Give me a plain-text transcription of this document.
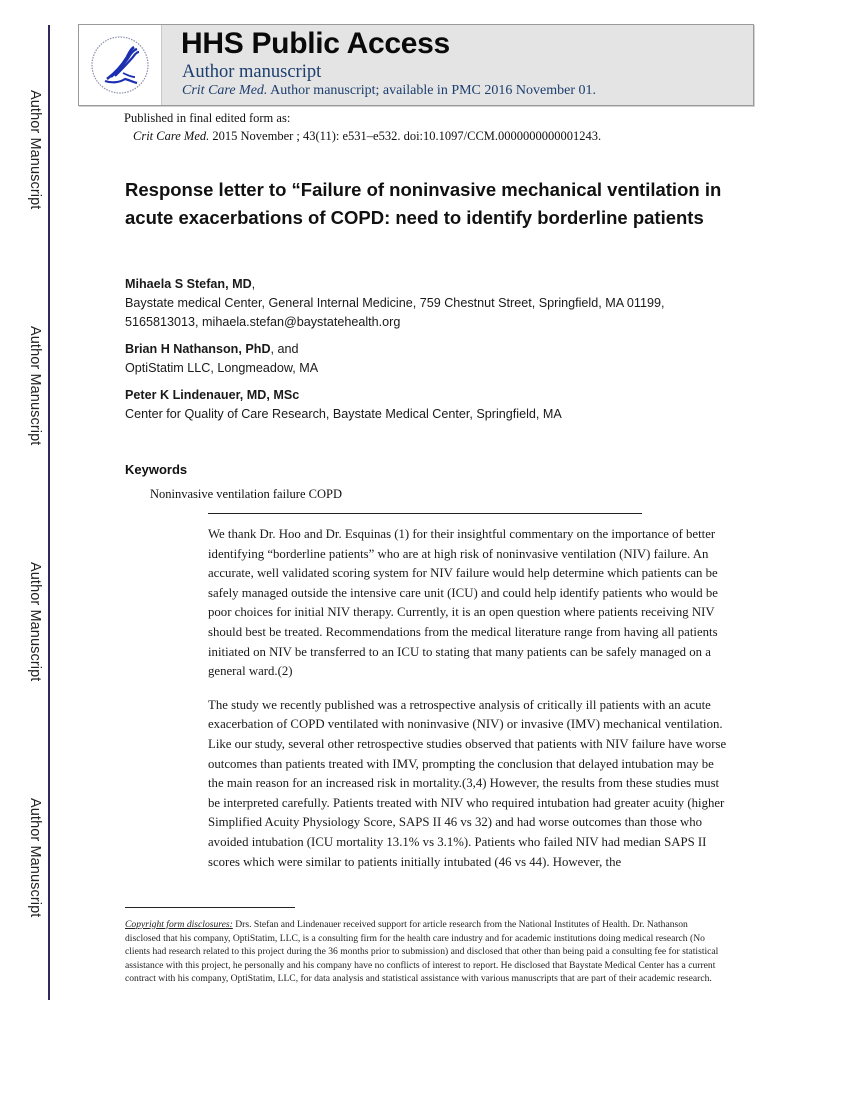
Author Manuscript
Author Manuscript
Author Manuscript
Author Manuscript
HHS Public Access
Author manuscript
Crit Care Med. Author manuscript; available in PMC 2016 November 01.
Published in final edited form as:
Crit Care Med. 2015 November ; 43(11): e531–e532. doi:10.1097/CCM.0000000000001243.
Response letter to “Failure of noninvasive mechanical ventilation in acute exacerbations of COPD: need to identify borderline patients
Mihaela S Stefan, MD,
Baystate medical Center, General Internal Medicine, 759 Chestnut Street, Springfield, MA 01199,
5165813013, mihaela.stefan@baystatehealth.org
Brian H Nathanson, PhD, and
OptiStatim LLC, Longmeadow, MA
Peter K Lindenauer, MD, MSc
Center for Quality of Care Research, Baystate Medical Center, Springfield, MA
Keywords
Noninvasive ventilation failure COPD

We thank Dr. Hoo and Dr. Esquinas (1) for their insightful commentary on the importance of better identifying “borderline patients” who are at high risk of noninvasive ventilation (NIV) failure. An accurate, well validated scoring system for NIV failure would help determine which patients can be safely managed outside the intensive care unit (ICU) and could help identify patients who would be poor choices for initial NIV therapy. Currently, it is an open question where patients receiving NIV should best be treated. Recommendations from the medical literature range from having all patients initiated on NIV be transferred to an ICU to stating that many patients can be safely managed on a general ward.(2)

The study we recently published was a retrospective analysis of critically ill patients with an acute exacerbation of COPD ventilated with noninvasive (NIV) or invasive (IMV) mechanical ventilation. Like our study, several other retrospective studies observed that patients with NIV failure have worse outcomes than patients treated with IMV, prompting the conclusion that delayed intubation may be the main reason for an increased risk in mortality.(3,4) However, the results from these studies must be interpreted carefully. Patients treated with NIV who required intubation had greater acuity (higher Simplified Acuity Physiology Score, SAPS II 46 vs 32) and had worse outcomes than those who avoided intubation (ICU mortality 13.1% vs 3.1%). Patients who failed NIV had median SAPS II scores which were similar to patients initially intubated (46 vs 44). However, the

Copyright form disclosures: Drs. Stefan and Lindenauer received support for article research from the National Institutes of Health. Dr. Nathanson disclosed that his company, OptiStatim, LLC, is a consulting firm for the health care industry and for academic institutions doing medical research (No clients had research related to this project during the 36 months prior to submission) and disclosed that other than being paid a consulting fee for statistical assistance with this project, he personally and his company have no conflicts of interest to report. He disclosed that Baystate Medical Center has a current contract with his company, OptiStatim, LLC, for data analysis and statistical assistance with various manuscripts that are part of their academic research.
